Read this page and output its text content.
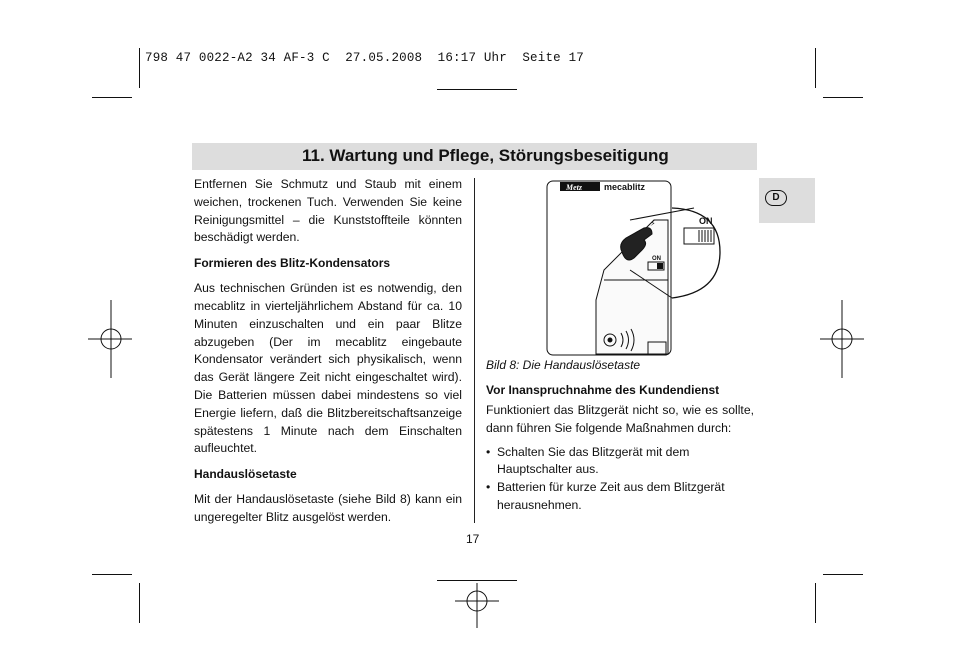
798 47 0022-A2 34 AF-3 C  27.05.2008  16:17 Uhr  Seite 17
11. Wartung und Pflege, Störungsbeseitigung
D

Entfernen Sie Schmutz und Staub mit einem weichen, trockenen Tuch. Verwenden Sie keine Reinigungsmittel – die Kunststoffteile könnten beschädigt werden.

Formieren des Blitz-Kondensators

Aus technischen Gründen ist es notwendig, den mecablitz in vierteljährlichem Abstand für ca. 10 Minuten einzuschalten und ein paar Blitze abzugeben (Der im mecablitz eingebaute Kondensator verändert sich physikalisch, wenn das Gerät längere Zeit nicht eingeschaltet wird). Die Batterien müssen dabei mindestens so viel Energie liefern, daß die Blitzbereitschaftsanzeige spätestens 1 Minute nach dem Einschalten aufleuchtet.

Handauslösetaste

Mit der Handauslösetaste (siehe Bild 8) kann ein ungeregelter Blitz ausgelöst werden.

Metz mecablitz
⚡
ON
ON
Bild 8: Die Handauslösetaste
Vor Inanspruchnahme des Kundendienst

Funktioniert das Blitzgerät nicht so, wie es sollte, dann führen Sie folgende Maßnahmen durch:

• Schalten Sie das Blitzgerät mit dem Hauptschalter aus.
• Batterien für kurze Zeit aus dem Blitzgerät herausnehmen.
17
